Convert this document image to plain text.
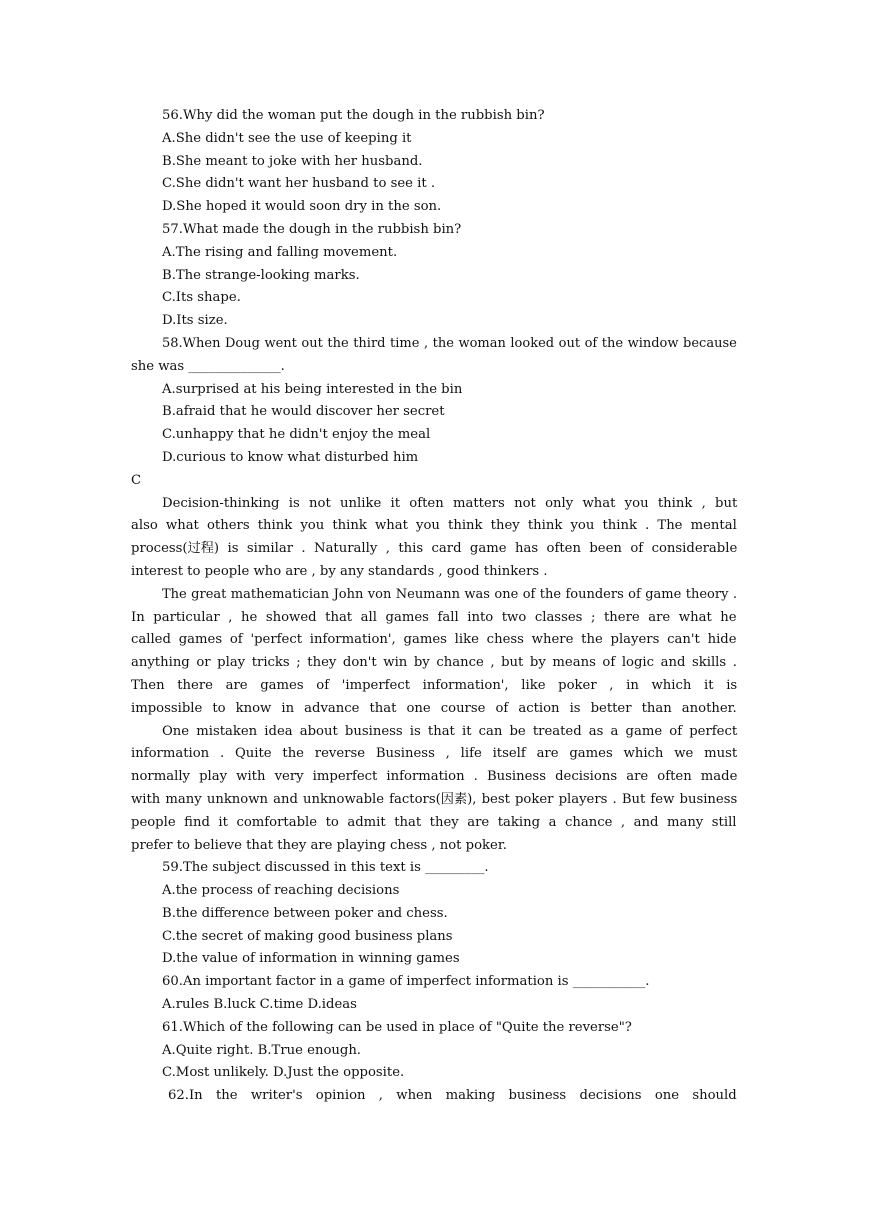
56.Why did the woman put the dough in the rubbish bin?
A.She didn't see the use of keeping it
B.She meant to joke with her husband.
C.She didn't want her husband to see it .
D.She hoped it would soon dry in the son.
57.What made the dough in the rubbish bin?
A.The rising and falling movement.
B.The strange-looking marks.
C.Its shape.
D.Its size.
58.When Doug went out the third time , the woman looked out of the window because
she was ______________.
A.surprised at his being interested in the bin
B.afraid that he would discover her secret
C.unhappy that he didn't enjoy the meal
D.curious to know what disturbed him
C
Decision-thinking is not unlike it often matters not only what you think , but
also what others think you think what you think they think you think . The mental
process(过程) is similar . Naturally , this card game has often been of considerable
interest to people who are , by any standards , good thinkers .
The great mathematician John von Neumann was one of the founders of game theory .
In particular , he showed that all games fall into two classes ; there are what he
called games of 'perfect information', games like chess where the players can't hide
anything or play tricks ; they don't win by chance , but by means of logic and skills .
Then there are games of 'imperfect information', like poker , in which it is
impossible to know in advance that one course of action is better than another.
One mistaken idea about business is that it can be treated as a game of perfect
information . Quite the reverse Business , life itself are games which we must
normally play with very imperfect information . Business decisions are often made
with many unknown and unknowable factors(因素), best poker players . But few business
people find it comfortable to admit that they are taking a chance , and many still
prefer to believe that they are playing chess , not poker.
59.The subject discussed in this text is _________.
A.the process of reaching decisions
B.the difference between poker and chess.
C.the secret of making good business plans
D.the value of information in winning games
60.An important factor in a game of imperfect information is ___________.
A.rules B.luck C.time D.ideas
61.Which of the following can be used in place of "Quite the reverse"?
A.Quite right. B.True enough.
C.Most unlikely. D.Just the opposite.
62.In the writer's opinion , when making business decisions one should
